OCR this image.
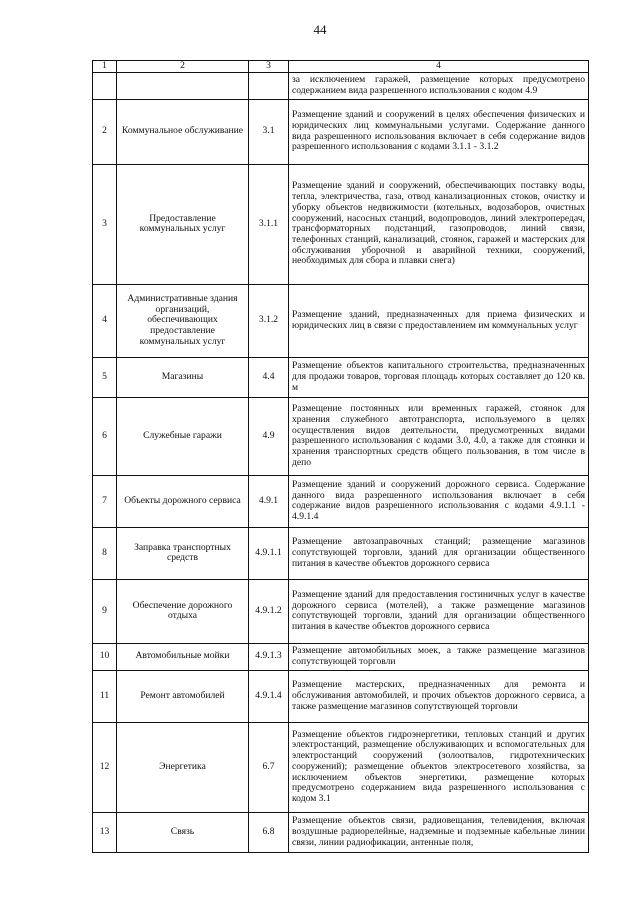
44
1	2	3	4
			за исключением гаражей, размещение которых предусмотрено содержанием вида разрешенного использования с кодом 4.9
2	Коммунальное обслуживание	3.1	Размещение зданий и сооружений в целях обеспечения физических и юридических лиц коммунальными услугами. Содержание данного вида разрешенного использования включает в себя содержание видов разрешенного использования с кодами 3.1.1 - 3.1.2
3	Предоставление коммунальных услуг	3.1.1	Размещение зданий и сооружений, обеспечивающих поставку воды, тепла, электричества, газа, отвод канализационных стоков, очистку и уборку объектов недвижимости (котельных, водозаборов, очистных сооружений, насосных станций, водопроводов, линий электропередач, трансформаторных подстанций, газопроводов, линий связи, телефонных станций, канализаций, стоянок, гаражей и мастерских для обслуживания уборочной и аварийной техники, сооружений, необходимых для сбора и плавки снега)
4	Административные здания организаций, обеспечивающих предоставление коммунальных услуг	3.1.2	Размещение зданий, предназначенных для приема физических и юридических лиц в связи с предоставлением им коммунальных услуг
5	Магазины	4.4	Размещение объектов капитального строительства, предназначенных для продажи товаров, торговая площадь которых составляет до 120 кв. м
6	Служебные гаражи	4.9	Размещение постоянных или временных гаражей, стоянок для хранения служебного автотранспорта, используемого в целях осуществления видов деятельности, предусмотренных видами разрешенного использования с кодами 3.0, 4.0, а также для стоянки и хранения транспортных средств общего пользования, в том числе в депо
7	Объекты дорожного сервиса	4.9.1	Размещение зданий и сооружений дорожного сервиса. Содержание данного вида разрешенного использования включает в себя содержание видов разрешенного использования с кодами 4.9.1.1 - 4.9.1.4
8	Заправка транспортных средств	4.9.1.1	Размещение автозаправочных станций; размещение магазинов сопутствующей торговли, зданий для организации общественного питания в качестве объектов дорожного сервиса
9	Обеспечение дорожного отдыха	4.9.1.2	Размещение зданий для предоставления гостиничных услуг в качестве дорожного сервиса (мотелей), а также размещение магазинов сопутствующей торговли, зданий для организации общественного питания в качестве объектов дорожного сервиса
10	Автомобильные мойки	4.9.1.3	Размещение автомобильных моек, а также размещение магазинов сопутствующей торговли
11	Ремонт автомобилей	4.9.1.4	Размещение мастерских, предназначенных для ремонта и обслуживания автомобилей, и прочих объектов дорожного сервиса, а также размещение магазинов сопутствующей торговли
12	Энергетика	6.7	Размещение объектов гидроэнергетики, тепловых станций и других электростанций, размещение обслуживающих и вспомогательных для электростанций сооружений (золоотвалов, гидротехнических сооружений); размещение объектов электросетевого хозяйства, за исключением объектов энергетики, размещение которых предусмотрено содержанием вида разрешенного использования с кодом 3.1
13	Связь	6.8	Размещение объектов связи, радиовещания, телевидения, включая воздушные радиорелейные, надземные и подземные кабельные линии связи, линии радиофикации, антенные поля,
